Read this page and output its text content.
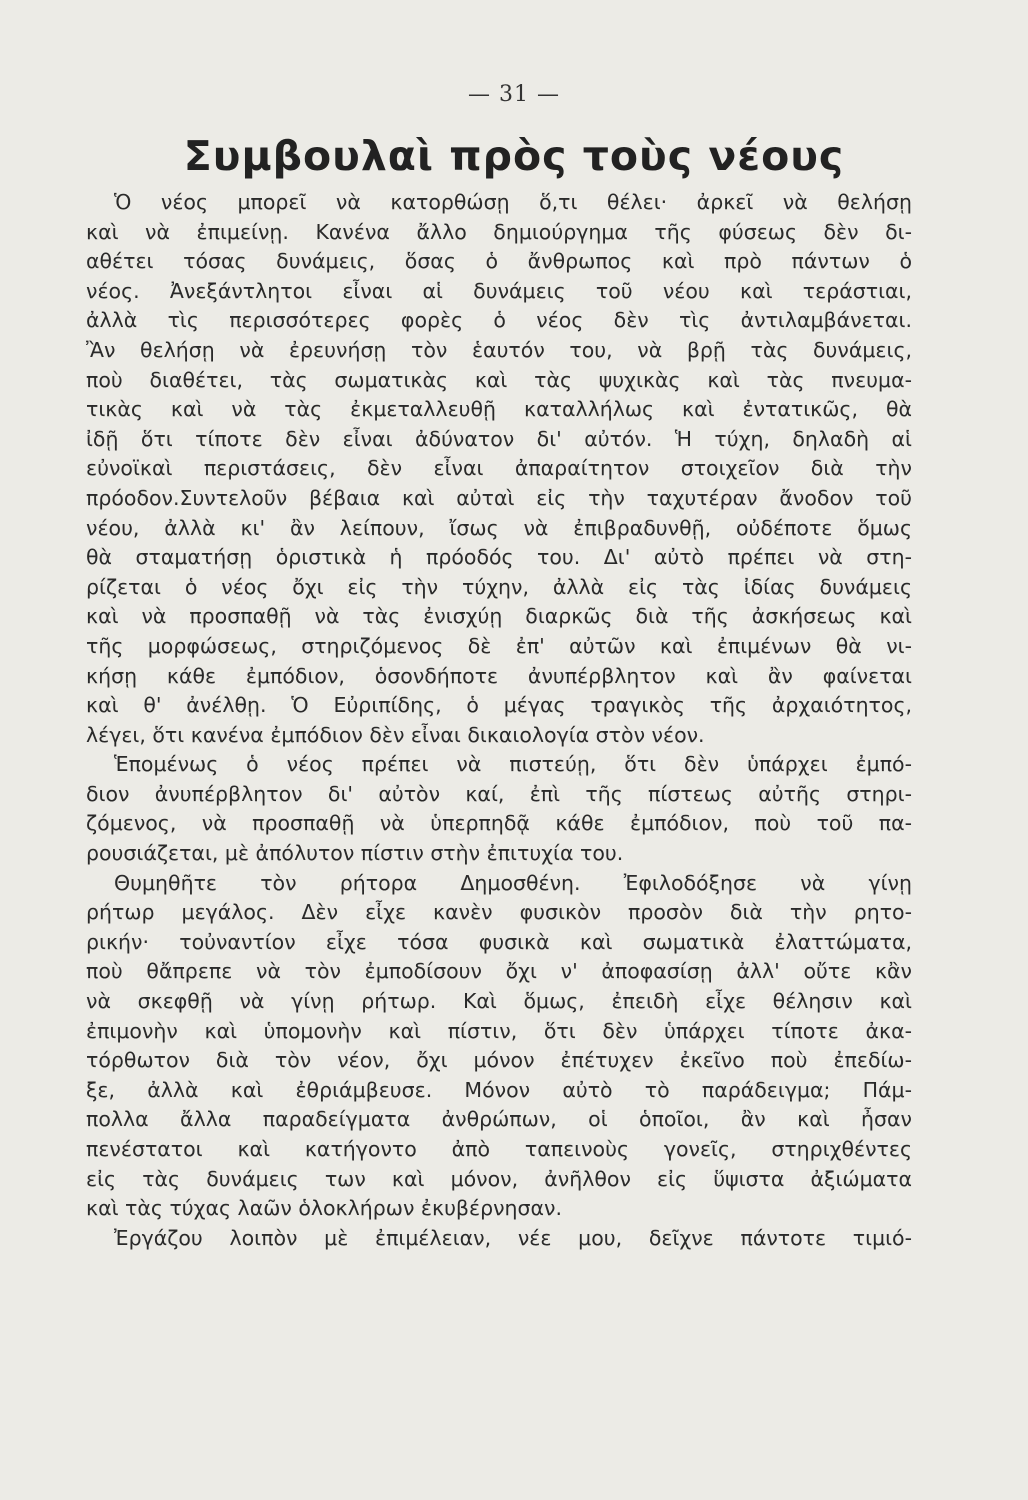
— 31 —
Συμβουλαὶ πρὸς τοὺς νέους
Ὁ νέος μπορεῖ νὰ κατορθώσῃ ὅ,τι θέλει· ἀρκεῖ νὰ θελήσῃ
καὶ νὰ ἐπιμείνῃ. Κανένα ἄλλο δημιούργημα τῆς φύσεως δὲν δι-
αθέτει τόσας δυνάμεις, ὅσας ὁ ἄνθρωπος καὶ πρὸ πάντων ὁ
νέος. Ἀνεξάντλητοι εἶναι αἱ δυνάμεις τοῦ νέου καὶ τεράστιαι,
ἀλλὰ τὶς περισσότερες φορὲς ὁ νέος δὲν τὶς ἀντιλαμβάνεται.
Ἂν θελήσῃ νὰ ἐρευνήσῃ τὸν ἑαυτόν του, νὰ βρῇ τὰς δυνάμεις,
ποὺ διαθέτει, τὰς σωματικὰς καὶ τὰς ψυχικὰς καὶ τὰς πνευμα-
τικὰς καὶ νὰ τὰς ἐκμεταλλευθῇ καταλλήλως καὶ ἐντατικῶς, θὰ
ἰδῇ ὅτι τίποτε δὲν εἶναι ἀδύνατον δι' αὐτόν. Ἡ τύχη, δηλαδὴ αἱ
εὐνοϊκαὶ περιστάσεις, δὲν εἶναι ἀπαραίτητον στοιχεῖον διὰ τὴν
πρόοδον.Συντελοῦν βέβαια καὶ αὐταὶ εἰς τὴν ταχυτέραν ἄνοδον τοῦ
νέου, ἀλλὰ κι' ἂν λείπουν, ἴσως νὰ ἐπιβραδυνθῇ, οὐδέποτε ὅμως
θὰ σταματήσῃ ὁριστικὰ ἡ πρόοδός του. Δι' αὐτὸ πρέπει νὰ στη-
ρίζεται ὁ νέος ὄχι εἰς τὴν τύχην, ἀλλὰ εἰς τὰς ἰδίας δυνάμεις
καὶ νὰ προσπαθῇ νὰ τὰς ἐνισχύῃ διαρκῶς διὰ τῆς ἀσκήσεως καὶ
τῆς μορφώσεως, στηριζόμενος δὲ ἐπ' αὐτῶν καὶ ἐπιμένων θὰ νι-
κήσῃ κάθε ἐμπόδιον, ὁσονδήποτε ἀνυπέρβλητον καὶ ἂν φαίνεται
καὶ θ' ἀνέλθῃ. Ὁ Εὐριπίδης, ὁ μέγας τραγικὸς τῆς ἀρχαιότητος,
λέγει, ὅτι κανένα ἐμπόδιον δὲν εἶναι δικαιολογία στὸν νέον.
Ἑπομένως ὁ νέος πρέπει νὰ πιστεύῃ, ὅτι δὲν ὑπάρχει ἐμπό-
διον ἀνυπέρβλητον δι' αὐτὸν καί, ἐπὶ τῆς πίστεως αὐτῆς στηρι-
ζόμενος, νὰ προσπαθῇ νὰ ὑπερπηδᾷ κάθε ἐμπόδιον, ποὺ τοῦ πα-
ρουσιάζεται, μὲ ἀπόλυτον πίστιν στὴν ἐπιτυχία του.
Θυμηθῆτε τὸν ρήτορα Δημοσθένη. Ἐφιλοδόξησε νὰ γίνῃ
ρήτωρ μεγάλος. Δὲν εἶχε κανὲν φυσικὸν προσὸν διὰ τὴν ρητο-
ρικήν· τοὐναντίον εἶχε τόσα φυσικὰ καὶ σωματικὰ ἐλαττώματα,
ποὺ θἄπρεπε νὰ τὸν ἐμποδίσουν ὄχι ν' ἀποφασίσῃ ἀλλ' οὔτε κἂν
νὰ σκεφθῇ νὰ γίνῃ ρήτωρ. Καὶ ὅμως, ἐπειδὴ εἶχε θέλησιν καὶ
ἐπιμονὴν καὶ ὑπομονὴν καὶ πίστιν, ὅτι δὲν ὑπάρχει τίποτε ἀκα-
τόρθωτον διὰ τὸν νέον, ὄχι μόνον ἐπέτυχεν ἐκεῖνο ποὺ ἐπεδίω-
ξε, ἀλλὰ καὶ ἐθριάμβευσε. Μόνον αὐτὸ τὸ παράδειγμα; Πάμ-
πολλα ἄλλα παραδείγματα ἀνθρώπων, οἱ ὁποῖοι, ἂν καὶ ἦσαν
πενέστατοι καὶ κατήγοντο ἀπὸ ταπεινοὺς γονεῖς, στηριχθέντες
εἰς τὰς δυνάμεις των καὶ μόνον, ἀνῆλθον εἰς ὕψιστα ἀξιώματα
καὶ τὰς τύχας λαῶν ὁλοκλήρων ἐκυβέρνησαν.
Ἐργάζου λοιπὸν μὲ ἐπιμέλειαν, νέε μου, δεῖχνε πάντοτε τιμιό-
